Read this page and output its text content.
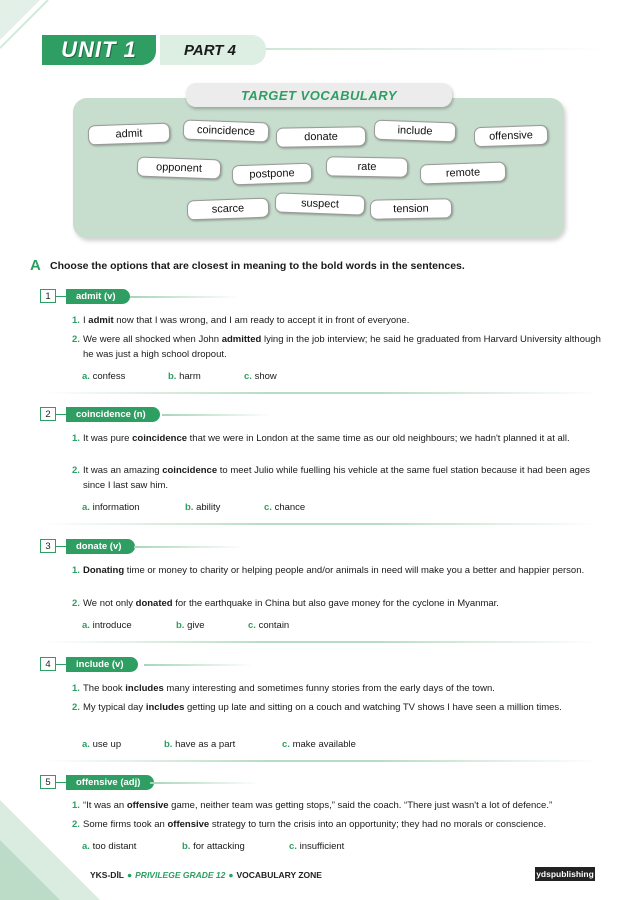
UNIT 1	PART 4
TARGET VOCABULARY
admit	coincidence	donate	include	offensive
opponent	postpone
rate	remote
scarce	suspect	tension
A Choose the options that are closest in meaning to the bold words in the sentences.
1	admit (v)
1. I admit now that I was wrong, and I am ready to accept it in front of everyone.
2. We were all shocked when John admitted lying in the job interview; he said he graduated from Harvard University although he was just a high school dropout.
a. confess	b. harm	c. show
2	coincidence (n)
1. It was pure coincidence that we were in London at the same time as our old neighbours; we hadn't planned it at all.
2. It was an amazing coincidence to meet Julio while fuelling his vehicle at the same fuel station because it had been ages since I last saw him.
a. information	b. ability	c. chance
3	donate (v)
1. Donating time or money to charity or helping people and/or animals in need will make you a better and happier person.
2. We not only donated for the earthquake in China but also gave money for the cyclone in Myanmar.
a. introduce	b. give	c. contain
4	include (v)
1. The book includes many interesting and sometimes funny stories from the early days of the town.
2. My typical day includes getting up late and sitting on a couch and watching TV shows I have seen a million times.
a. use up	b. have as a part	c. make available
5	offensive (adj)
1. “It was an offensive game, neither team was getting stops,” said the coach. “There just wasn't a lot of defence.”
2. Some firms took an offensive strategy to turn the crisis into an opportunity; they had no morals or conscience.
a. too distant	b. for attacking	c. insufficient
YKS-DİL ● PRIVILEGE GRADE 12 ● VOCABULARY ZONE	ydspublishing
